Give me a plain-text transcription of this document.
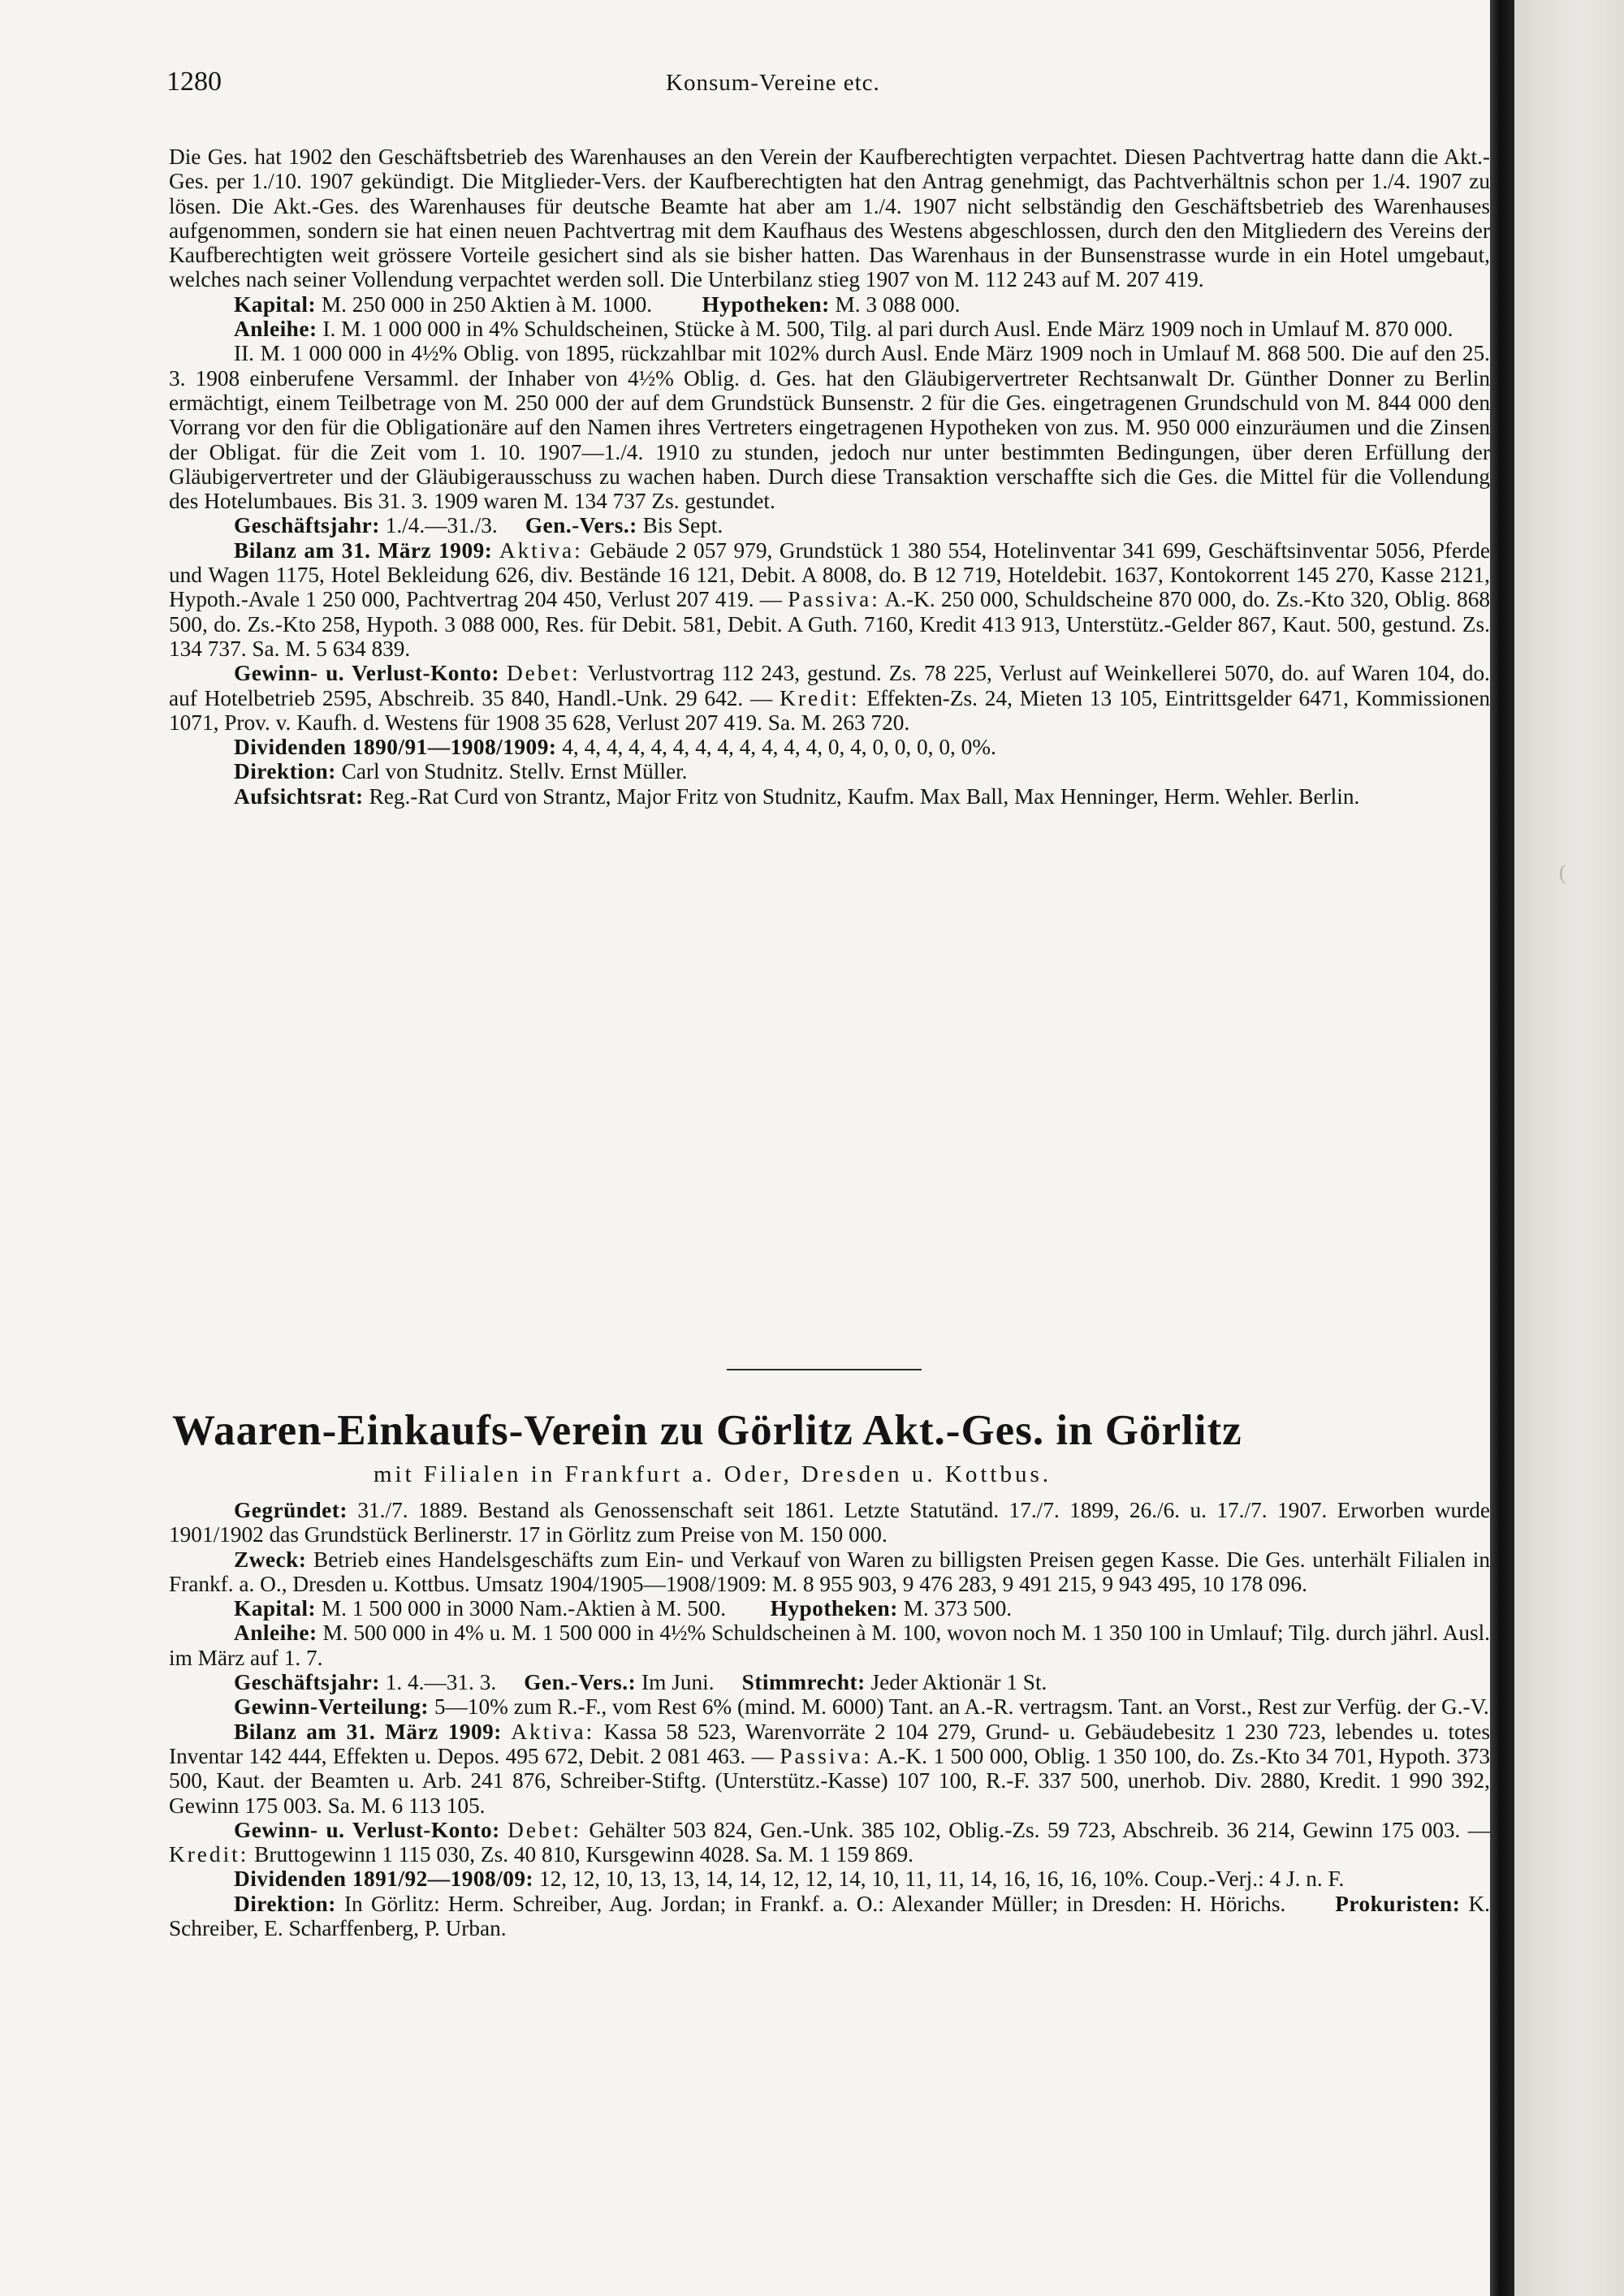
1280	Konsum-Vereine etc.

Die Ges. hat 1902 den Geschäftsbetrieb des Warenhauses an den Verein der Kaufberechtigten verpachtet. Diesen Pachtvertrag hatte dann die Akt.-Ges. per 1./10. 1907 gekündigt. Die Mitglieder-Vers. der Kaufberechtigten hat den Antrag genehmigt, das Pachtverhältnis schon per 1./4. 1907 zu lösen. Die Akt.-Ges. des Warenhauses für deutsche Beamte hat aber am 1./4. 1907 nicht selbständig den Geschäftsbetrieb des Warenhauses aufgenommen, sondern sie hat einen neuen Pachtvertrag mit dem Kaufhaus des Westens abgeschlossen, durch den den Mitgliedern des Vereins der Kaufberechtigten weit grössere Vorteile gesichert sind als sie bisher hatten. Das Warenhaus in der Bunsenstrasse wurde in ein Hotel umgebaut, welches nach seiner Vollendung verpachtet werden soll. Die Unterbilanz stieg 1907 von M. 112 243 auf M. 207 419.

Kapital: M. 250 000 in 250 Aktien à M. 1000. Hypotheken: M. 3 088 000.

Anleihe: I. M. 1 000 000 in 4% Schuldscheinen, Stücke à M. 500, Tilg. al pari durch Ausl. Ende März 1909 noch in Umlauf M. 870 000.

II. M. 1 000 000 in 4½% Oblig. von 1895, rückzahlbar mit 102% durch Ausl. Ende März 1909 noch in Umlauf M. 868 500. Die auf den 25. 3. 1908 einberufene Versamml. der Inhaber von 4½% Oblig. d. Ges. hat den Gläubigervertreter Rechtsanwalt Dr. Günther Donner zu Berlin ermächtigt, einem Teilbetrage von M. 250 000 der auf dem Grundstück Bunsenstr. 2 für die Ges. eingetragenen Grundschuld von M. 844 000 den Vorrang vor den für die Obligationäre auf den Namen ihres Vertreters eingetragenen Hypotheken von zus. M. 950 000 einzuräumen und die Zinsen der Obligat. für die Zeit vom 1. 10. 1907—1./4. 1910 zu stunden, jedoch nur unter bestimmten Bedingungen, über deren Erfüllung der Gläubigervertreter und der Gläubigerausschuss zu wachen haben. Durch diese Transaktion verschaffte sich die Ges. die Mittel für die Vollendung des Hotelumbaues. Bis 31. 3. 1909 waren M. 134 737 Zs. gestundet.

Geschäftsjahr: 1./4.—31./3. Gen.-Vers.: Bis Sept.

Bilanz am 31. März 1909: Aktiva: Gebäude 2 057 979, Grundstück 1 380 554, Hotelinventar 341 699, Geschäftsinventar 5056, Pferde und Wagen 1175, Hotel Bekleidung 626, div. Bestände 16 121, Debit. A 8008, do. B 12 719, Hoteldebit. 1637, Kontokorrent 145 270, Kasse 2121, Hypoth.-Avale 1 250 000, Pachtvertrag 204 450, Verlust 207 419. — Passiva: A.-K. 250 000, Schuldscheine 870 000, do. Zs.-Kto 320, Oblig. 868 500, do. Zs.-Kto 258, Hypoth. 3 088 000, Res. für Debit. 581, Debit. A Guth. 7160, Kredit 413 913, Unterstütz.-Gelder 867, Kaut. 500, gestund. Zs. 134 737. Sa. M. 5 634 839.

Gewinn- u. Verlust-Konto: Debet: Verlustvortrag 112 243, gestund. Zs. 78 225, Verlust auf Weinkellerei 5070, do. auf Waren 104, do. auf Hotelbetrieb 2595, Abschreib. 35 840, Handl.-Unk. 29 642. — Kredit: Effekten-Zs. 24, Mieten 13 105, Eintrittsgelder 6471, Kommissionen 1071, Prov. v. Kaufh. d. Westens für 1908 35 628, Verlust 207 419. Sa. M. 263 720.

Dividenden 1890/91—1908/1909: 4, 4, 4, 4, 4, 4, 4, 4, 4, 4, 4, 4, 0, 4, 0, 0, 0, 0, 0%.

Direktion: Carl von Studnitz. Stellv. Ernst Müller.

Aufsichtsrat: Reg.-Rat Curd von Strantz, Major Fritz von Studnitz, Kaufm. Max Ball, Max Henninger, Herm. Wehler. Berlin.

Waaren-Einkaufs-Verein zu Görlitz Akt.-Ges. in Görlitz
mit Filialen in Frankfurt a. Oder, Dresden u. Kottbus.

Gegründet: 31./7. 1889. Bestand als Genossenschaft seit 1861. Letzte Statutänd. 17./7. 1899, 26./6. u. 17./7. 1907. Erworben wurde 1901/1902 das Grundstück Berlinerstr. 17 in Görlitz zum Preise von M. 150 000.

Zweck: Betrieb eines Handelsgeschäfts zum Ein- und Verkauf von Waren zu billigsten Preisen gegen Kasse. Die Ges. unterhält Filialen in Frankf. a. O., Dresden u. Kottbus. Umsatz 1904/1905—1908/1909: M. 8 955 903, 9 476 283, 9 491 215, 9 943 495, 10 178 096.

Kapital: M. 1 500 000 in 3000 Nam.-Aktien à M. 500. Hypotheken: M. 373 500.

Anleihe: M. 500 000 in 4% u. M. 1 500 000 in 4½% Schuldscheinen à M. 100, wovon noch M. 1 350 100 in Umlauf; Tilg. durch jährl. Ausl. im März auf 1. 7.

Geschäftsjahr: 1. 4.—31. 3. Gen.-Vers.: Im Juni. Stimmrecht: Jeder Aktionär 1 St.

Gewinn-Verteilung: 5—10% zum R.-F., vom Rest 6% (mind. M. 6000) Tant. an A.-R. vertragsm. Tant. an Vorst., Rest zur Verfüg. der G.-V.

Bilanz am 31. März 1909: Aktiva: Kassa 58 523, Warenvorräte 2 104 279, Grund- u. Gebäudebesitz 1 230 723, lebendes u. totes Inventar 142 444, Effekten u. Depos. 495 672, Debit. 2 081 463. — Passiva: A.-K. 1 500 000, Oblig. 1 350 100, do. Zs.-Kto 34 701, Hypoth. 373 500, Kaut. der Beamten u. Arb. 241 876, Schreiber-Stiftg. (Unterstütz.-Kasse) 107 100, R.-F. 337 500, unerhob. Div. 2880, Kredit. 1 990 392, Gewinn 175 003. Sa. M. 6 113 105.

Gewinn- u. Verlust-Konto: Debet: Gehälter 503 824, Gen.-Unk. 385 102, Oblig.-Zs. 59 723, Abschreib. 36 214, Gewinn 175 003. — Kredit: Bruttogewinn 1 115 030, Zs. 40 810, Kursgewinn 4028. Sa. M. 1 159 869.

Dividenden 1891/92—1908/09: 12, 12, 10, 13, 13, 14, 14, 12, 12, 14, 10, 11, 11, 14, 16, 16, 16, 10%. Coup.-Verj.: 4 J. n. F.

Direktion: In Görlitz: Herm. Schreiber, Aug. Jordan; in Frankf. a. O.: Alexander Müller; in Dresden: H. Hörichs. Prokuristen: K. Schreiber, E. Scharffenberg, P. Urban.

(
